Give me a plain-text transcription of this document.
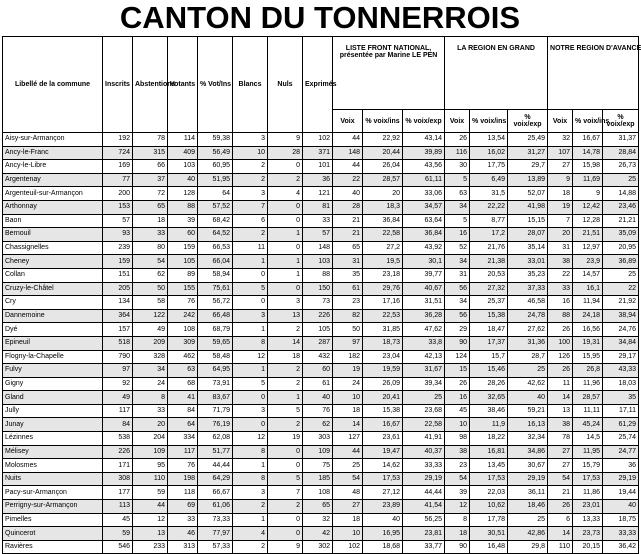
CANTON DU TONNERROIS
Libellé de la commune	Inscrits	Abstentions	Votants	% Vot/Ins	Blancs	Nuls	Exprimés	LISTE FRONT NATIONAL, présentée par Marine LE PEN			LA REGION EN GRAND			NOTRE REGION D'AVANCE		
								Voix	% voix/ins	% voix/exp	Voix	% voix/ins	% voix/exp	Voix	% voix/ins	% voix/exp
Aisy-sur-Armançon	192	78	114	59,38	3	9	102	44	22,92	43,14	26	13,54	25,49	32	16,67	31,37
Ancy-le-Franc	724	315	409	56,49	10	28	371	148	20,44	39,89	116	16,02	31,27	107	14,78	28,84
Ancy-le-Libre	169	66	103	60,95	2	0	101	44	26,04	43,56	30	17,75	29,7	27	15,98	26,73
Argentenay	77	37	40	51,95	2	2	36	22	28,57	61,11	5	6,49	13,89	9	11,69	25
Argenteuil-sur-Armançon	200	72	128	64	3	4	121	40	20	33,06	63	31,5	52,07	18	9	14,88
Arthonnay	153	65	88	57,52	7	0	81	28	18,3	34,57	34	22,22	41,98	19	12,42	23,46
Baon	57	18	39	68,42	6	0	33	21	36,84	63,64	5	8,77	15,15	7	12,28	21,21
Bernouil	93	33	60	64,52	2	1	57	21	22,58	36,84	16	17,2	28,07	20	21,51	35,09
Chassignelles	239	80	159	66,53	11	0	148	65	27,2	43,92	52	21,76	35,14	31	12,97	20,95
Cheney	159	54	105	66,04	1	1	103	31	19,5	30,1	34	21,38	33,01	38	23,9	36,89
Collan	151	62	89	58,94	0	1	88	35	23,18	39,77	31	20,53	35,23	22	14,57	25
Cruzy-le-Châtel	205	50	155	75,61	5	0	150	61	29,76	40,67	56	27,32	37,33	33	16,1	22
Cry	134	58	76	56,72	0	3	73	23	17,16	31,51	34	25,37	46,58	16	11,94	21,92
Dannemoine	364	122	242	66,48	3	13	226	82	22,53	36,28	56	15,38	24,78	88	24,18	38,94
Dyé	157	49	108	68,79	1	2	105	50	31,85	47,62	29	18,47	27,62	26	16,56	24,76
Epineuil	518	209	309	59,65	8	14	287	97	18,73	33,8	90	17,37	31,36	100	19,31	34,84
Flogny-la-Chapelle	790	328	462	58,48	12	18	432	182	23,04	42,13	124	15,7	28,7	126	15,95	29,17
Fulvy	97	34	63	64,95	1	2	60	19	19,59	31,67	15	15,46	25	26	26,8	43,33
Gigny	92	24	68	73,91	5	2	61	24	26,09	39,34	26	28,26	42,62	11	11,96	18,03
Gland	49	8	41	83,67	0	1	40	10	20,41	25	16	32,65	40	14	28,57	35
Jully	117	33	84	71,79	3	5	76	18	15,38	23,68	45	38,46	59,21	13	11,11	17,11
Junay	84	20	64	76,19	0	2	62	14	16,67	22,58	10	11,9	16,13	38	45,24	61,29
Lézinnes	538	204	334	62,08	12	19	303	127	23,61	41,91	98	18,22	32,34	78	14,5	25,74
Mélisey	226	109	117	51,77	8	0	109	44	19,47	40,37	38	16,81	34,86	27	11,95	24,77
Molosmes	171	95	76	44,44	1	0	75	25	14,62	33,33	23	13,45	30,67	27	15,79	36
Nuits	308	110	198	64,29	8	5	185	54	17,53	29,19	54	17,53	29,19	54	17,53	29,19
Pacy-sur-Armançon	177	59	118	66,67	3	7	108	48	27,12	44,44	39	22,03	36,11	21	11,86	19,44
Perrigny-sur-Armançon	113	44	69	61,06	2	2	65	27	23,89	41,54	12	10,62	18,46	26	23,01	40
Pimelles	45	12	33	73,33	1	0	32	18	40	56,25	8	17,78	25	6	13,33	18,75
Quincerot	59	13	46	77,97	4	0	42	10	16,95	23,81	18	30,51	42,86	14	23,73	33,33
Ravières	546	233	313	57,33	2	9	302	102	18,68	33,77	90	16,48	29,8	110	20,15	36,42
